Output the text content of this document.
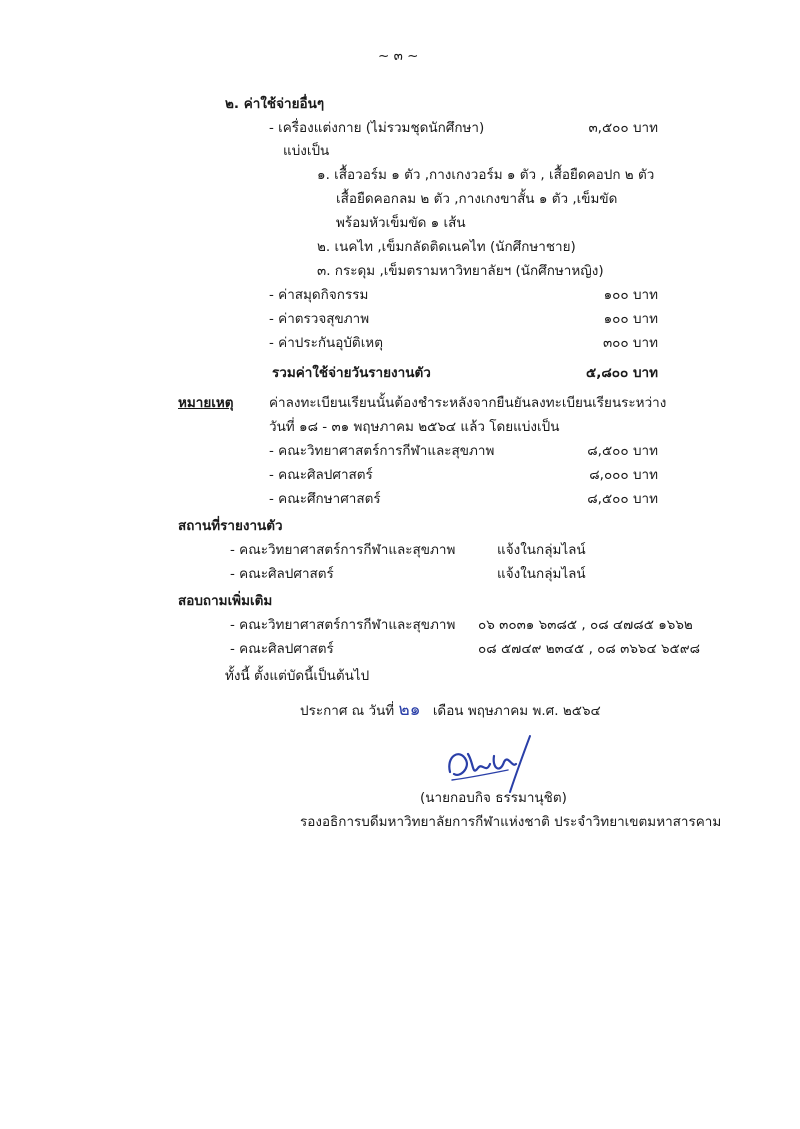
~ ๓ ~
๒. ค่าใช้จ่ายอื่นๆ
- เครื่องแต่งกาย (ไม่รวมชุดนักศึกษา)	๓,๕๐๐ บาท
แบ่งเป็น
๑. เสื้อวอร์ม ๑ ตัว ,กางเกงวอร์ม ๑ ตัว , เสื้อยืดคอปก ๒ ตัว
เสื้อยืดคอกลม ๒ ตัว ,กางเกงขาสั้น ๑ ตัว ,เข็มขัด
พร้อมหัวเข็มขัด ๑ เส้น
๒. เนคไท ,เข็มกลัดติดเนคไท (นักศึกษาชาย)
๓. กระดุม ,เข็มตรามหาวิทยาลัยฯ (นักศึกษาหญิง)
- ค่าสมุดกิจกรรม	๑๐๐ บาท
- ค่าตรวจสุขภาพ	๑๐๐ บาท
- ค่าประกันอุบัติเหตุ	๓๐๐ บาท
รวมค่าใช้จ่ายวันรายงานตัว	๕,๘๐๐ บาท
หมายเหตุ	ค่าลงทะเบียนเรียนนั้นต้องชำระหลังจากยืนยันลงทะเบียนเรียนระหว่าง
วันที่ ๑๘ - ๓๑ พฤษภาคม ๒๕๖๔ แล้ว โดยแบ่งเป็น
- คณะวิทยาศาสตร์การกีฬาและสุขภาพ	๘,๕๐๐ บาท
- คณะศิลปศาสตร์	๘,๐๐๐ บาท
- คณะศึกษาศาสตร์	๘,๕๐๐ บาท
สถานที่รายงานตัว
- คณะวิทยาศาสตร์การกีฬาและสุขภาพ	แจ้งในกลุ่มไลน์
- คณะศิลปศาสตร์	แจ้งในกลุ่มไลน์
สอบถามเพิ่มเติม
- คณะวิทยาศาสตร์การกีฬาและสุขภาพ ๐๖ ๓๐๓๑ ๖๓๘๕ , ๐๘ ๔๗๘๕ ๑๖๖๒
- คณะศิลปศาสตร์	๐๘ ๕๗๔๙ ๒๓๔๕ , ๐๘ ๓๖๖๔ ๖๕๙๘
ทั้งนี้ ตั้งแต่บัดนี้เป็นต้นไป
ประกาศ ณ วันที่ ๒๑ เดือน พฤษภาคม พ.ศ. ๒๕๖๔
(นายกอบกิจ ธรรมานุชิต)
รองอธิการบดีมหาวิทยาลัยการกีฬาแห่งชาติ ประจำวิทยาเขตมหาสารคาม
